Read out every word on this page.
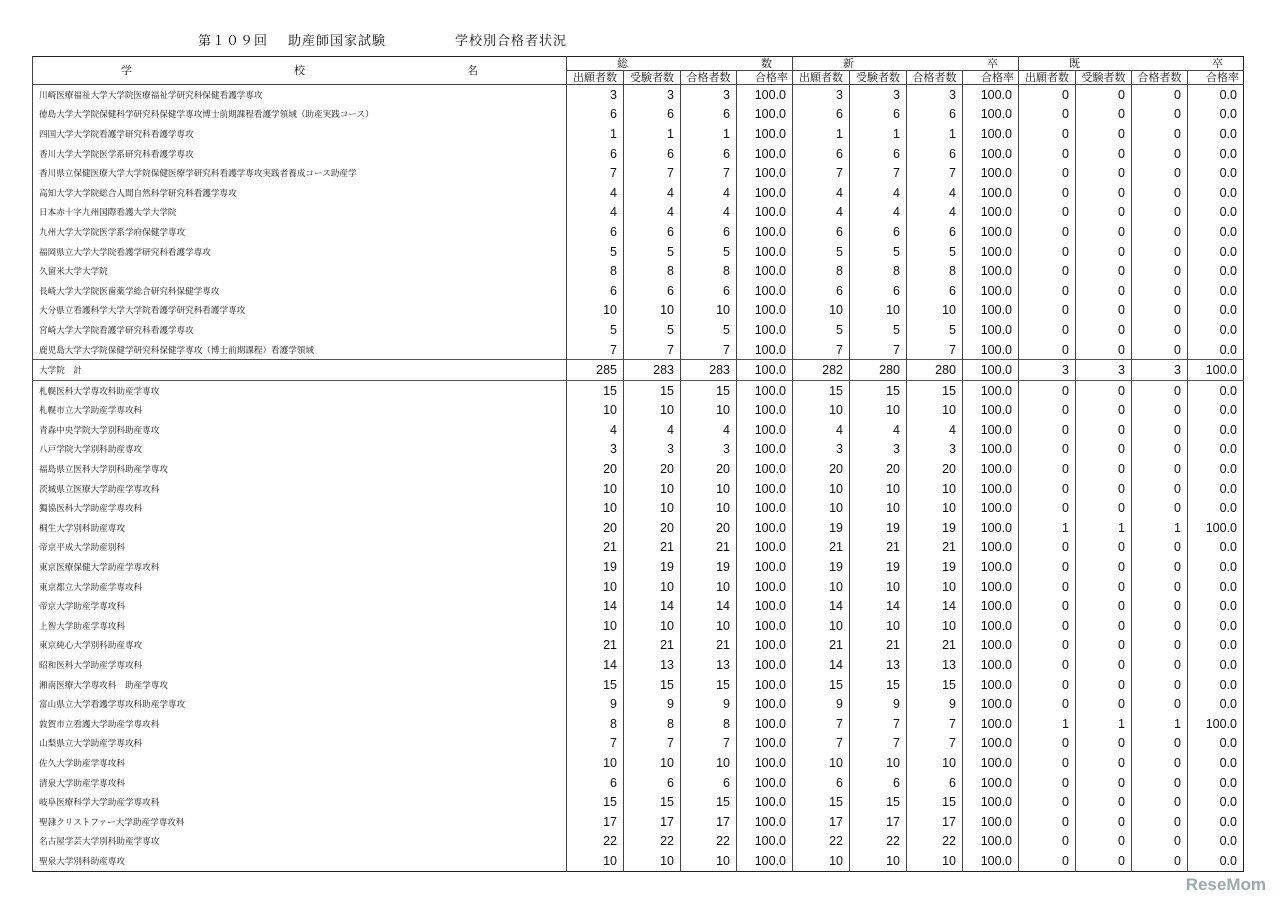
第１０９回 助産師国家試験	学校別合格者状況
学 校 名	総 数				新 卒				既 卒			

	出願者数	受験者数	合格者数	合格率	出願者数	受験者数	合格者数	合格率	出願者数	受験者数	合格者数	合格率
川崎医療福祉大学大学院医療福祉学研究科保健看護学専攻	3	3	3	100.0	3	3	3	100.0	0	0	0	0.0
徳島大学大学院保健科学研究科保健学専攻博士前期課程看護学領域（助産実践コース）	6	6	6	100.0	6	6	6	100.0	0	0	0	0.0
四国大学大学院看護学研究科看護学専攻	1	1	1	100.0	1	1	1	100.0	0	0	0	0.0
香川大学大学院医学系研究科看護学専攻	6	6	6	100.0	6	6	6	100.0	0	0	0	0.0
香川県立保健医療大学大学院保健医療学研究科看護学専攻実践者養成コース助産学	7	7	7	100.0	7	7	7	100.0	0	0	0	0.0
高知大学大学院総合人間自然科学研究科看護学専攻	4	4	4	100.0	4	4	4	100.0	0	0	0	0.0
日本赤十字九州国際看護大学大学院	4	4	4	100.0	4	4	4	100.0	0	0	0	0.0
九州大学大学院医学系学府保健学専攻	6	6	6	100.0	6	6	6	100.0	0	0	0	0.0
福岡県立大学大学院看護学研究科看護学専攻	5	5	5	100.0	5	5	5	100.0	0	0	0	0.0
久留米大学大学院	8	8	8	100.0	8	8	8	100.0	0	0	0	0.0
長崎大学大学院医歯薬学総合研究科保健学専攻	6	6	6	100.0	6	6	6	100.0	0	0	0	0.0
大分県立看護科学大学大学院看護学研究科看護学専攻	10	10	10	100.0	10	10	10	100.0	0	0	0	0.0
宮崎大学大学院看護学研究科看護学専攻	5	5	5	100.0	5	5	5	100.0	0	0	0	0.0
鹿児島大学大学院保健学研究科保健学専攻（博士前期課程）看護学領域	7	7	7	100.0	7	7	7	100.0	0	0	0	0.0
大学院　計	285	283	283	100.0	282	280	280	100.0	3	3	3	100.0
札幌医科大学専攻科助産学専攻	15	15	15	100.0	15	15	15	100.0	0	0	0	0.0
札幌市立大学助産学専攻科	10	10	10	100.0	10	10	10	100.0	0	0	0	0.0
青森中央学院大学別科助産専攻	4	4	4	100.0	4	4	4	100.0	0	0	0	0.0
八戸学院大学別科助産専攻	3	3	3	100.0	3	3	3	100.0	0	0	0	0.0
福島県立医科大学別科助産学専攻	20	20	20	100.0	20	20	20	100.0	0	0	0	0.0
茨城県立医療大学助産学専攻科	10	10	10	100.0	10	10	10	100.0	0	0	0	0.0
獨協医科大学助産学専攻科	10	10	10	100.0	10	10	10	100.0	0	0	0	0.0
桐生大学別科助産専攻	20	20	20	100.0	19	19	19	100.0	1	1	1	100.0
帝京平成大学助産別科	21	21	21	100.0	21	21	21	100.0	0	0	0	0.0
東京医療保健大学助産学専攻科	19	19	19	100.0	19	19	19	100.0	0	0	0	0.0
東京都立大学助産学専攻科	10	10	10	100.0	10	10	10	100.0	0	0	0	0.0
帝京大学助産学専攻科	14	14	14	100.0	14	14	14	100.0	0	0	0	0.0
上智大学助産学専攻科	10	10	10	100.0	10	10	10	100.0	0	0	0	0.0
東京純心大学別科助産専攻	21	21	21	100.0	21	21	21	100.0	0	0	0	0.0
昭和医科大学助産学専攻科	14	13	13	100.0	14	13	13	100.0	0	0	0	0.0
湘南医療大学専攻科　助産学専攻	15	15	15	100.0	15	15	15	100.0	0	0	0	0.0
富山県立大学看護学専攻科助産学専攻	9	9	9	100.0	9	9	9	100.0	0	0	0	0.0
敦賀市立看護大学助産学専攻科	8	8	8	100.0	7	7	7	100.0	1	1	1	100.0
山梨県立大学助産学専攻科	7	7	7	100.0	7	7	7	100.0	0	0	0	0.0
佐久大学助産学専攻科	10	10	10	100.0	10	10	10	100.0	0	0	0	0.0
清泉大学助産学専攻科	6	6	6	100.0	6	6	6	100.0	0	0	0	0.0
岐阜医療科学大学助産学専攻科	15	15	15	100.0	15	15	15	100.0	0	0	0	0.0
聖隷クリストファー大学助産学専攻科	17	17	17	100.0	17	17	17	100.0	0	0	0	0.0
名古屋学芸大学別科助産学専攻	22	22	22	100.0	22	22	22	100.0	0	0	0	0.0
聖泉大学別科助産専攻	10	10	10	100.0	10	10	10	100.0	0	0	0	0.0
ReseMom
